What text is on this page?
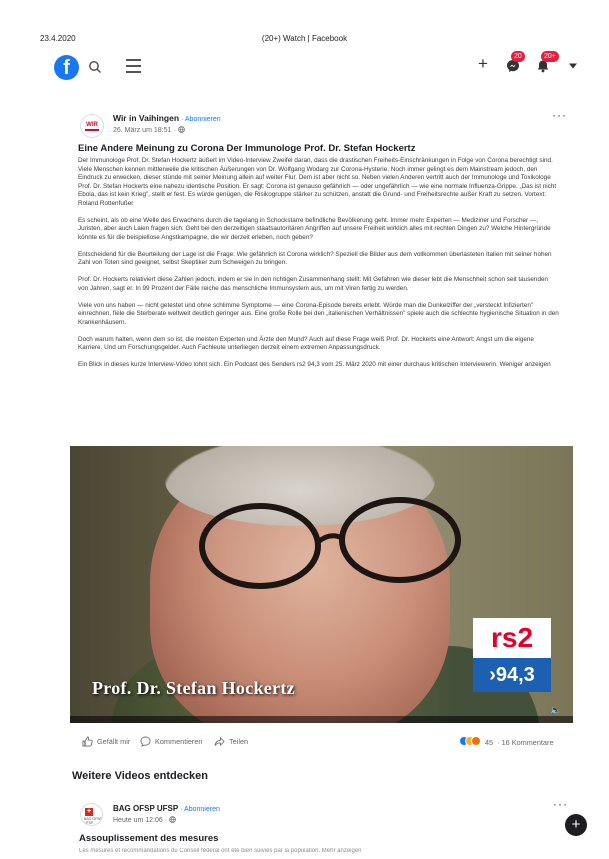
23.4.2020	(20+) Watch | Facebook
f	+	20	20+
···
WIR
Wir in Vaihingen · Abonnieren
26. März um 18:51 ·
Eine Andere Meinung zu Corona Der Immunologe Prof. Dr. Stefan Hockertz

Der Immunologe Prof. Dr. Stefan Hockertz äußert im Video-Interview Zweifel daran, dass die drastischen Freiheits-Einschränkungen in Folge von Corona berechtigt sind. Viele Menschen kennen mittlerweile die kritischen Äußerungen von Dr. Wolfgang Wodarg zur Corona-Hysterie. Noch immer gelingt es dem Mainstream jedoch, den Eindruck zu erwecken, dieser stünde mit seiner Meinung allein auf weiter Flur. Dem ist aber nicht so. Neben vielen Anderen vertritt auch der Immunologe und Toxikologe Prof. Dr. Stefan Hockerts eine nahezu identische Position. Er sagt: Corona ist genauso gefährlich — oder ungefährlich — wie eine normale Influenza-Grippe. „Das ist nicht Ebola, das ist kein Krieg", stellt er fest. Es würde genügen, die Risikogruppe stärker zu schützen, anstatt die Grund- und Freiheitsrechte außer Kraft zu setzen. Vortext: Roland Rottenfußer

Es scheint, als ob eine Welle des Erwachens durch die tagelang in Schockstarre befindliche Bevölkerung geht. Immer mehr Experten — Mediziner und Forscher —, Juristen, aber auch Laien fragen sich: Geht bei den derzeitigen staatsautoritären Angriffen auf unsere Freiheit wirklich alles mit rechten Dingen zu? Welche Hintergründe könnte es für die beispiellose Angstkampagne, die wir derzeit erleben, noch geben?

Entscheidend für die Beurteilung der Lage ist die Frage: Wie gefährlich ist Corona wirklich? Speziell die Bilder aus dem vollkommen überlasteten Italien mit seiner hohen Zahl von Toten sind geeignet, selbst Skeptiker zum Schweigen zu bringen.

Prof. Dr. Hockerts relativiert diese Zahlen jedoch, indem er sie in den richtigen Zusammenhang stellt: Mit Gefahren wie dieser lebt die Menschheit schon seit tausenden von Jahren, sagt er. In 99 Prozent der Fälle reiche das menschliche Immunsystem aus, um mit Viren fertig zu werden.

Viele von uns haben — nicht getestet und ohne schlimme Symptome — eine Corona-Episode bereits erlebt. Würde man die Dunkelziffer der „versteckt Infizierten" einrechnen, fiele die Sterberate weltweit deutlich geringer aus. Eine große Rolle bei den „italienischen Verhältnissen" spiele auch die schlechte hygienische Situation in den Krankenhäusern.

Doch warum halten, wenn dem so ist, die meisten Experten und Ärzte den Mund? Auch auf diese Frage weiß Prof. Dr. Hockerts eine Antwort: Angst um die eigene Karriere. Und um Forschungsgelder. Auch Fachleute unterliegen derzeit einem extremen Anpassungsdruck.

Ein Blick in dieses kurze Interview-Video lohnt sich. Ein Podcast des Senders rs2 94,3 vom 25. März 2020 mit einer durchaus kritischen Interviewerin. Weniger anzeigen

Prof. Dr. Stefan Hockertz
rs2
›94,3
🔈
Gefällt mir	Kommentieren	Teilen	45 · 16 Kommentare
Weitere Videos entdecken
···
+
BAG OFSP UFSP
BAG OFSP UFSP · Abonnieren
Heute um 12:06 ·
Assouplissement des mesures
Les mesures et recommandations du Conseil fédéral ont été bien suivies par la population. Mehr anzeigen
+
